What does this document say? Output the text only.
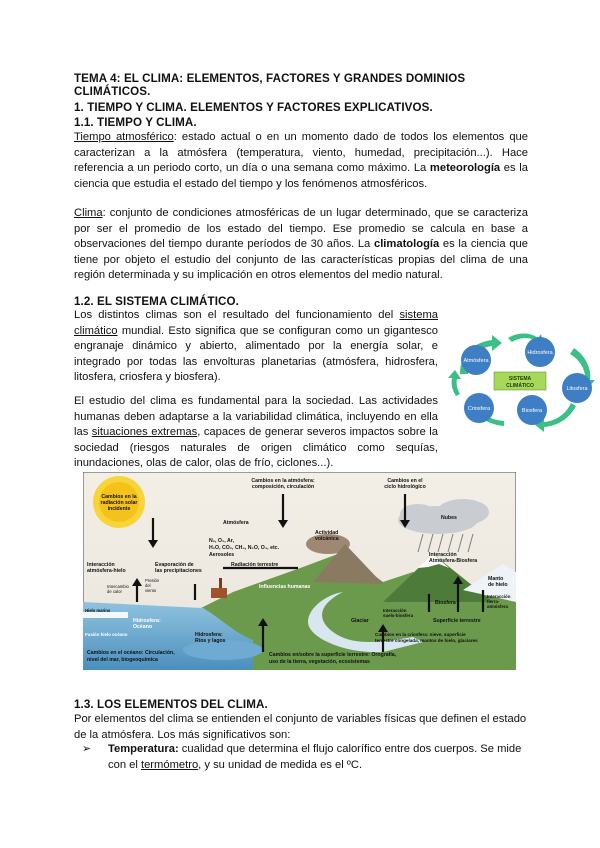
TEMA 4: EL CLIMA: ELEMENTOS, FACTORES Y GRANDES DOMINIOS CLIMÁTICOS.
1. TIEMPO Y CLIMA. ELEMENTOS Y FACTORES EXPLICATIVOS.
1.1. TIEMPO Y CLIMA.
Tiempo atmosférico: estado actual o en un momento dado de todos los elementos que caracterizan a la atmósfera (temperatura, viento, humedad, precipitación...). Hace referencia a un periodo corto, un día o una semana como máximo. La meteorología es la ciencia que estudia el estado del tiempo y los fenómenos atmosféricos.
Clima: conjunto de condiciones atmosféricas de un lugar determinado, que se caracteriza por ser el promedio de los estado del tiempo. Ese promedio se calcula en base a observaciones del tiempo durante períodos de 30 años. La climatología es la ciencia que tiene por objeto el estudio del conjunto de las características propias del clima de una región determinada y su implicación en otros elementos del medio natural.
1.2. EL SISTEMA CLIMÁTICO.
Los distintos climas son el resultado del funcionamiento del sistema climático mundial. Esto significa que se configuran como un gigantesco engranaje dinámico y abierto, alimentado por la energía solar, e integrado por todas las envolturas planetarias (atmósfera, hidrosfera, litosfera, criosfera y biosfera).
El estudio del clima es fundamental para la sociedad. Las actividades humanas deben adaptarse a la variabilidad climática, incluyendo en ella las situaciones extremas, capaces de generar severos impactos sobre la sociedad (riesgos naturales de origen climático como sequías, inundaciones, olas de calor, olas de frío, ciclones...).
Atmósfera
Hidrosfera
Litosfera
Biosfera
Criosfera
SISTEMA
CLIMÁTICO
Cambios en la
radiación solar
incidente
Cambios en la atmósfera:
composición, circulación
Cambios en el
ciclo hidrológico
Atmósfera
Nubes
N₂, O₂, Ar,
H₂O, CO₂, CH₄, N₂O, O₃, etc.
Aerosoles
Actividad
volcánica
Interacción
atmósfera-hielo
Evaporación de
las precipitaciones
Intercambio
de calor
Presión
del
viento
Radiación terrestre
Interacción
Atmósfera-Biosfera
Manto
de hielo
Influencias humanas
Glaciar
Hielo marino
Hidrosfera:
Océano
Fusión hielo océano	Hidrosfera:
Ríos y lagos
Biosfera
Interacción
suelo-biosfera
Interacción
tierra-
atmósfera
Superficie terrestre
Cambios en la criosfera: nieve, superficie
terrestre congelada, mantos de hielo, glaciares
Cambios en el océano: Circulación,
nivel del mar, biogeoquímica
Cambios en/sobre la superficie terrestre: Orografía,
uso de la tierra, vegetación, ecosistemas
1.3. LOS ELEMENTOS DEL CLIMA.
Por elementos del clima se entienden el conjunto de variables físicas que definen el estado de la atmósfera. Los más significativos son:
➢ Temperatura: cualidad que determina el flujo calorífico entre dos cuerpos. Se mide con el termómetro, y su unidad de medida es el ºC.
